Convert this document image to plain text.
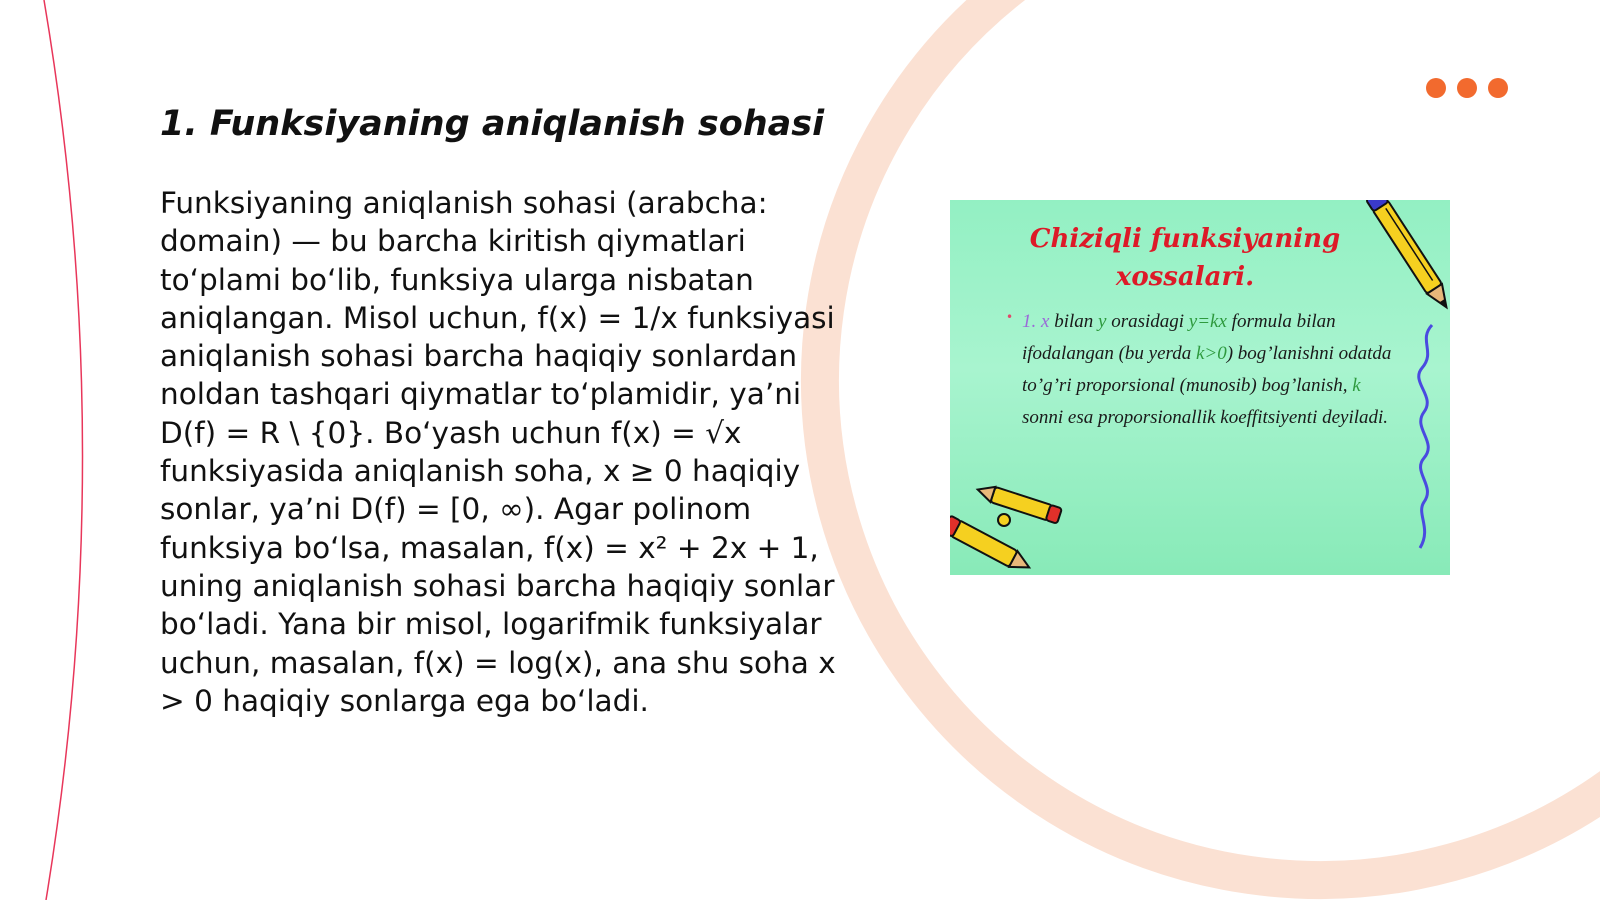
1. Funksiyaning aniqlanish sohasi

Funksiyaning aniqlanish sohasi (arabcha: domain) — bu barcha kiritish qiymatlari to‘plami bo‘lib, funksiya ularga nisbatan aniqlangan. Misol uchun, f(x) = 1/x funksiyasi aniqlanish sohasi barcha haqiqiy sonlardan noldan tashqari qiymatlar to‘plamidir, ya’ni D(f) = R \ {0}. Bo‘yash uchun f(x) = √x funksiyasida aniqlanish soha, x ≥ 0 haqiqiy sonlar, ya’ni D(f) = [0, ∞). Agar polinom funksiya bo‘lsa, masalan, f(x) = x² + 2x + 1, uning aniqlanish sohasi barcha haqiqiy sonlar bo‘ladi. Yana bir misol, logarifmik funksiyalar uchun, masalan, f(x) = log(x), ana shu soha x > 0 haqiqiy sonlarga ega bo‘ladi.

Chiziqli funksiyaning xossalari.
• 1. x bilan y orasidagi y=kx formula bilan ifodalangan (bu yerda k>0) bog’lanishni odatda to’g’ri proporsional (munosib) bog’lanish, k sonni esa proporsionallik koeffitsiyenti deyiladi.
